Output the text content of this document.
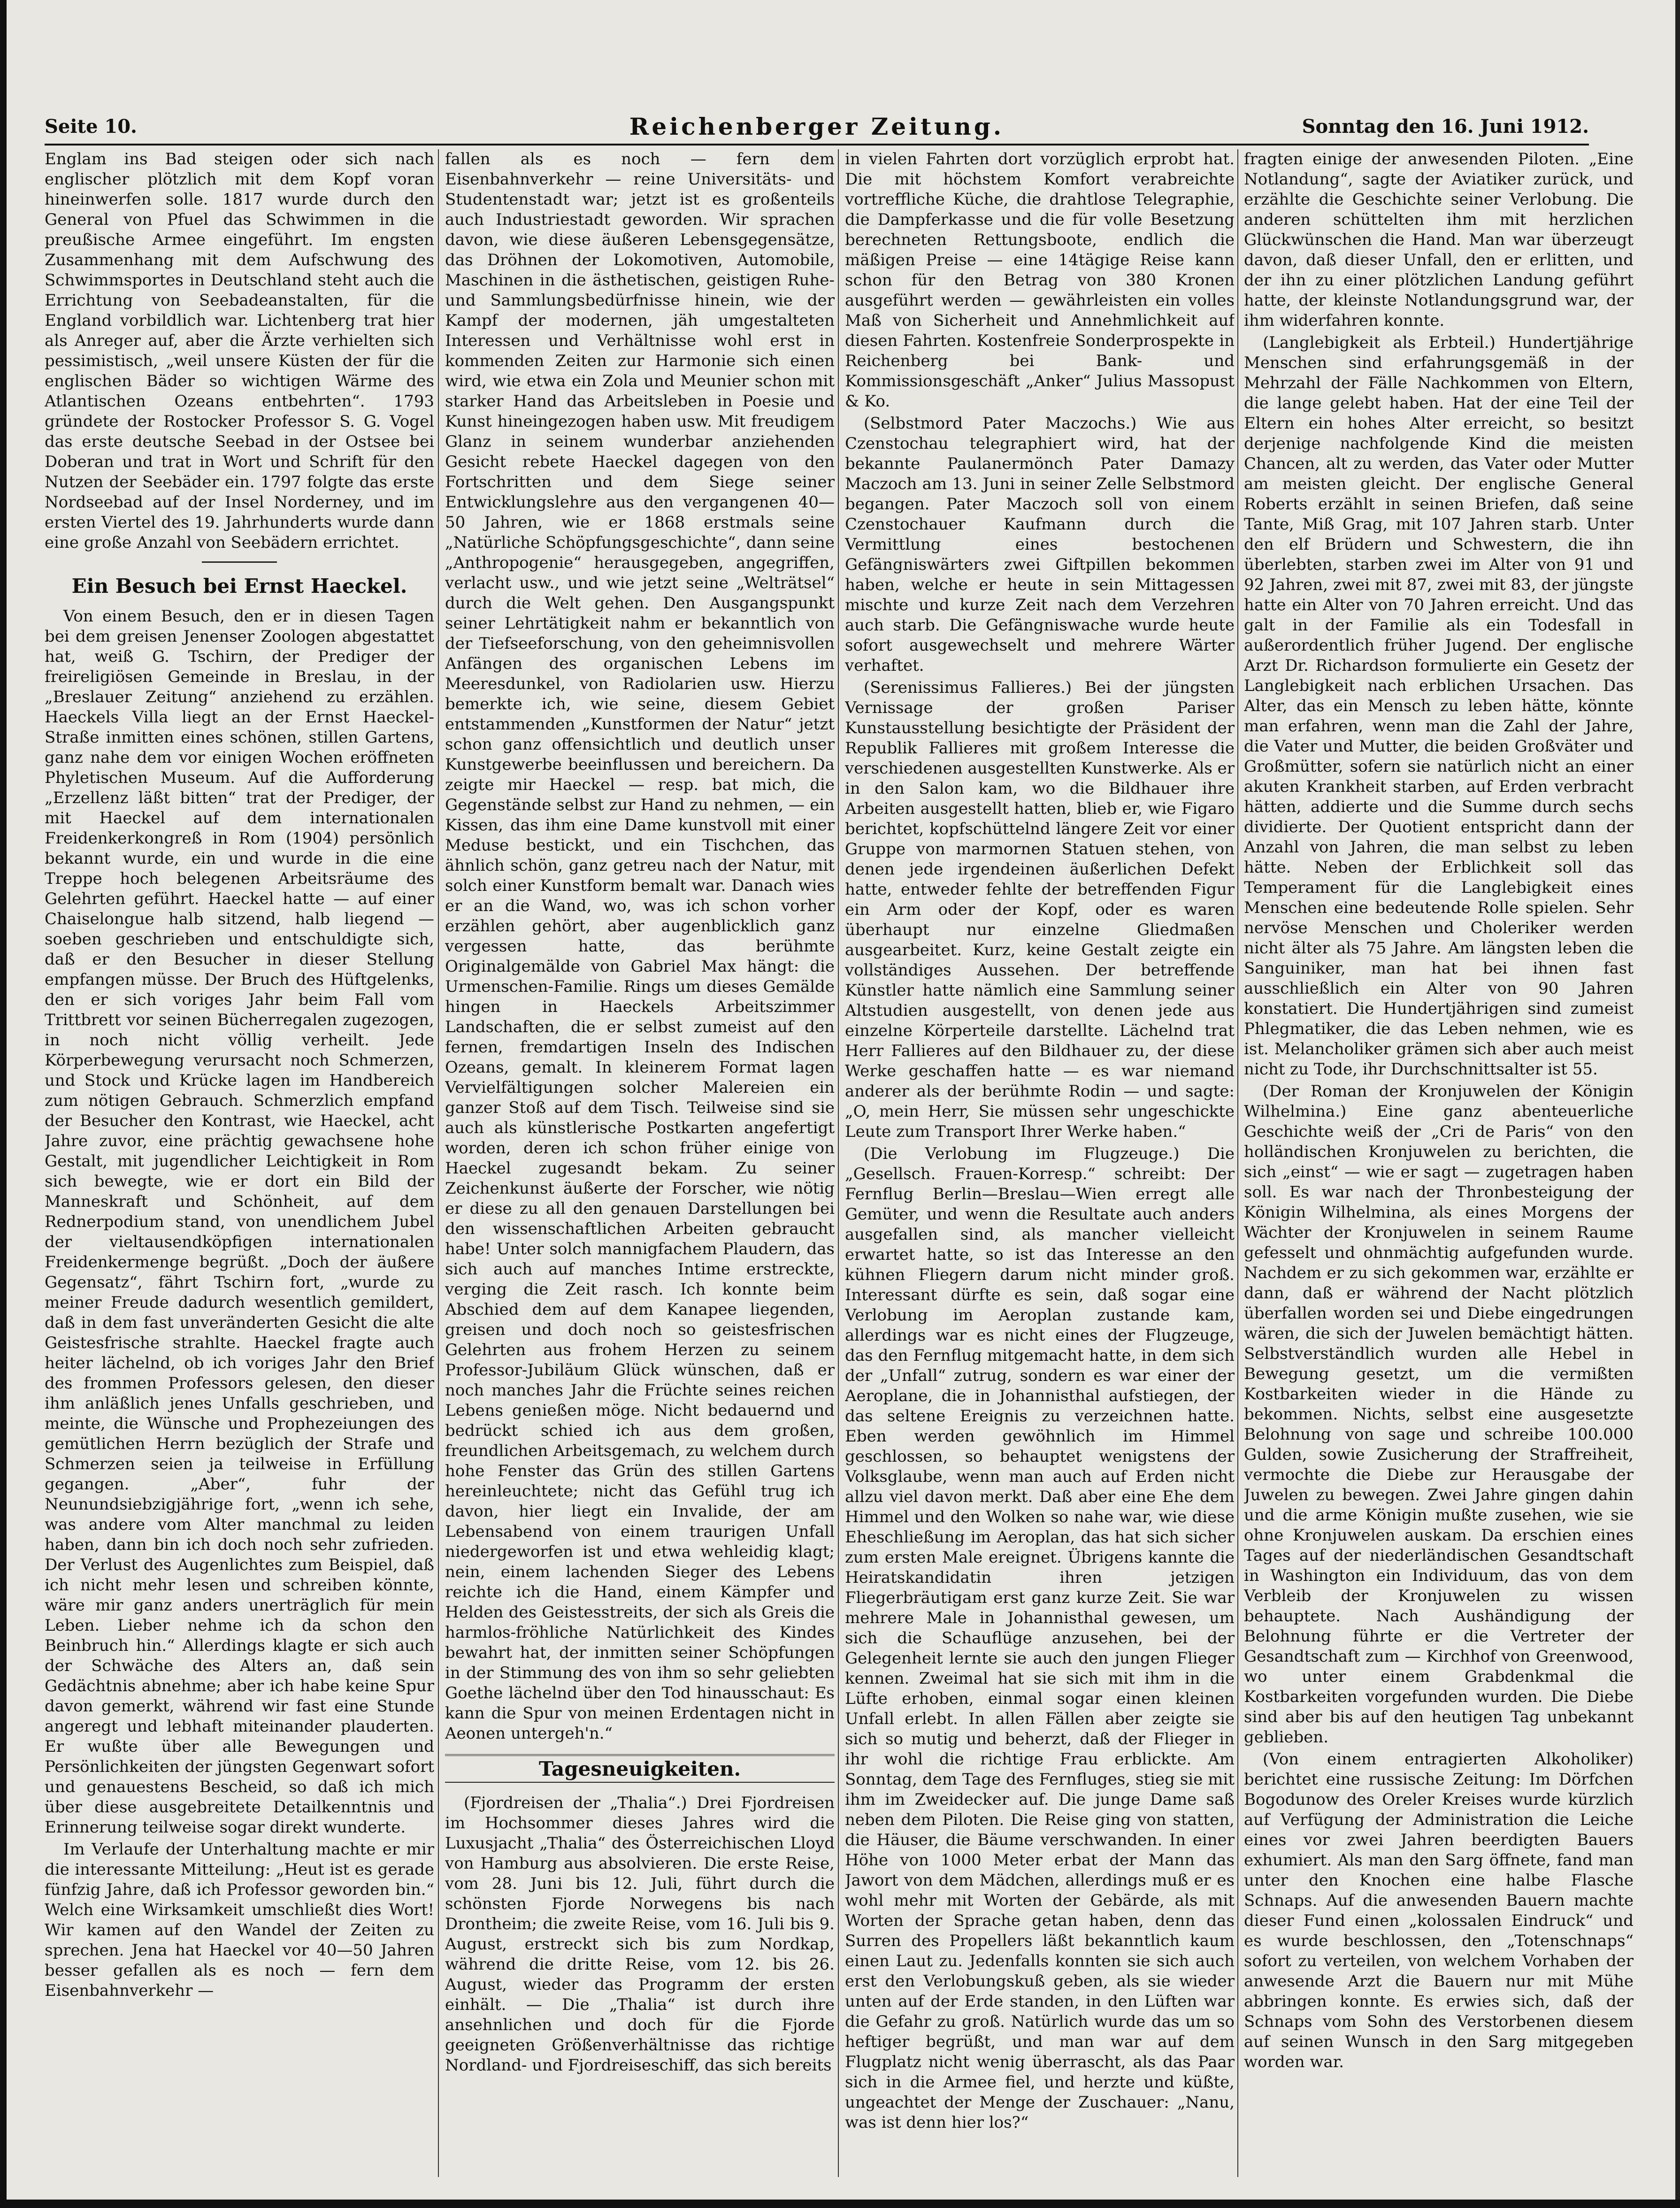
Seite 10.	Reichenberger Zeitung.	Sonntag den 16. Juni 1912.

Englam ins Bad steigen oder sich nach englischer plötzlich mit dem Kopf voran hineinwerfen solle. 1817 wurde durch den General von Pfuel das Schwimmen in die preußische Armee eingeführt. Im engsten Zusammenhang mit dem Aufschwung des Schwimmsportes in Deutschland steht auch die Errichtung von Seebadeanstalten, für die England vorbildlich war. Lichtenberg trat hier als Anreger auf, aber die Ärzte verhielten sich pessimistisch, „weil unsere Küsten der für die englischen Bäder so wichtigen Wärme des Atlantischen Ozeans entbehrten“. 1793 gründete der Rostocker Professor S. G. Vogel das erste deutsche Seebad in der Ostsee bei Doberan und trat in Wort und Schrift für den Nutzen der Seebäder ein. 1797 folgte das erste Nordseebad auf der Insel Norderney, und im ersten Viertel des 19. Jahrhunderts wurde dann eine große Anzahl von Seebädern errichtet.

Ein Besuch bei Ernst Haeckel.

Von einem Besuch, den er in diesen Tagen bei dem greisen Jenenser Zoologen abgestattet hat, weiß G. Tschirn, der Prediger der freireligiösen Gemeinde in Breslau, in der „Breslauer Zeitung“ anziehend zu erzählen. Haeckels Villa liegt an der Ernst Haeckel-Straße inmitten eines schönen, stillen Gartens, ganz nahe dem vor einigen Wochen eröffneten Phyletischen Museum. Auf die Aufforderung „Erzellenz läßt bitten“ trat der Prediger, der mit Haeckel auf dem internationalen Freidenkerkongreß in Rom (1904) persönlich bekannt wurde, ein und wurde in die eine Treppe hoch belegenen Arbeitsräume des Gelehrten geführt. Haeckel hatte — auf einer Chaiselongue halb sitzend, halb liegend — soeben geschrieben und entschuldigte sich, daß er den Besucher in dieser Stellung empfangen müsse. Der Bruch des Hüftgelenks, den er sich voriges Jahr beim Fall vom Trittbrett vor seinen Bücherregalen zugezogen, in noch nicht völlig verheilt. Jede Körperbewegung verursacht noch Schmerzen, und Stock und Krücke lagen im Handbereich zum nötigen Gebrauch. Schmerzlich empfand der Besucher den Kontrast, wie Haeckel, acht Jahre zuvor, eine prächtig gewachsene hohe Gestalt, mit jugendlicher Leichtigkeit in Rom sich bewegte, wie er dort ein Bild der Manneskraft und Schönheit, auf dem Rednerpodium stand, von unendlichem Jubel der vieltausendköpfigen internationalen Freidenkermenge begrüßt. „Doch der äußere Gegensatz“, fährt Tschirn fort, „wurde zu meiner Freude dadurch wesentlich gemildert, daß in dem fast unveränderten Gesicht die alte Geistesfrische strahlte. Haeckel fragte auch heiter lächelnd, ob ich voriges Jahr den Brief des frommen Professors gelesen, den dieser ihm anläßlich jenes Unfalls geschrieben, und meinte, die Wünsche und Prophezeiungen des gemütlichen Herrn bezüglich der Strafe und Schmerzen seien ja teilweise in Erfüllung gegangen. „Aber“, fuhr der Neunundsiebzigjährige fort, „wenn ich sehe, was andere vom Alter manchmal zu leiden haben, dann bin ich doch noch sehr zufrieden. Der Verlust des Augenlichtes zum Beispiel, daß ich nicht mehr lesen und schreiben könnte, wäre mir ganz anders unerträglich für mein Leben. Lieber nehme ich da schon den Beinbruch hin.“ Allerdings klagte er sich auch der Schwäche des Alters an, daß sein Gedächtnis abnehme; aber ich habe keine Spur davon gemerkt, während wir fast eine Stunde angeregt und lebhaft miteinander plauderten. Er wußte über alle Bewegungen und Persönlichkeiten der jüngsten Gegenwart sofort und genauestens Bescheid, so daß ich mich über diese ausgebreitete Detailkenntnis und Erinnerung teilweise sogar direkt wunderte.

Im Verlaufe der Unterhaltung machte er mir die interessante Mitteilung: „Heut ist es gerade fünfzig Jahre, daß ich Professor geworden bin.“ Welch eine Wirksamkeit umschließt dies Wort! Wir kamen auf den Wandel der Zeiten zu sprechen. Jena hat Haeckel vor 40—50 Jahren besser gefallen als es noch — fern dem Eisenbahnverkehr —

fallen als es noch — fern dem Eisenbahnverkehr — reine Universitäts- und Studentenstadt war; jetzt ist es großenteils auch Industriestadt geworden. Wir sprachen davon, wie diese äußeren Lebensgegensätze, das Dröhnen der Lokomotiven, Automobile, Maschinen in die ästhetischen, geistigen Ruhe- und Sammlungsbedürfnisse hinein, wie der Kampf der modernen, jäh umgestalteten Interessen und Verhältnisse wohl erst in kommenden Zeiten zur Harmonie sich einen wird, wie etwa ein Zola und Meunier schon mit starker Hand das Arbeitsleben in Poesie und Kunst hineingezogen haben usw. Mit freudigem Glanz in seinem wunderbar anziehenden Gesicht rebete Haeckel dagegen von den Fortschritten und dem Siege seiner Entwicklungslehre aus den vergangenen 40—50 Jahren, wie er 1868 erstmals seine „Natürliche Schöpfungsgeschichte“, dann seine „Anthropogenie“ herausgegeben, angegriffen, verlacht usw., und wie jetzt seine „Welträtsel“ durch die Welt gehen. Den Ausgangspunkt seiner Lehrtätigkeit nahm er bekanntlich von der Tiefseeforschung, von den geheimnisvollen Anfängen des organischen Lebens im Meeresdunkel, von Radiolarien usw. Hierzu bemerkte ich, wie seine, diesem Gebiet entstammenden „Kunstformen der Natur“ jetzt schon ganz offensichtlich und deutlich unser Kunstgewerbe beeinflussen und bereichern. Da zeigte mir Haeckel — resp. bat mich, die Gegenstände selbst zur Hand zu nehmen, — ein Kissen, das ihm eine Dame kunstvoll mit einer Meduse bestickt, und ein Tischchen, das ähnlich schön, ganz getreu nach der Natur, mit solch einer Kunstform bemalt war. Danach wies er an die Wand, wo, was ich schon vorher erzählen gehört, aber augenblicklich ganz vergessen hatte, das berühmte Originalgemälde von Gabriel Max hängt: die Urmenschen-Familie. Rings um dieses Gemälde hingen in Haeckels Arbeitszimmer Landschaften, die er selbst zumeist auf den fernen, fremdartigen Inseln des Indischen Ozeans, gemalt. In kleinerem Format lagen Vervielfältigungen solcher Malereien ein ganzer Stoß auf dem Tisch. Teilweise sind sie auch als künstlerische Postkarten angefertigt worden, deren ich schon früher einige von Haeckel zugesandt bekam. Zu seiner Zeichenkunst äußerte der Forscher, wie nötig er diese zu all den genauen Darstellungen bei den wissenschaftlichen Arbeiten gebraucht habe! Unter solch mannigfachem Plaudern, das sich auch auf manches Intime erstreckte, verging die Zeit rasch. Ich konnte beim Abschied dem auf dem Kanapee liegenden, greisen und doch noch so geistesfrischen Gelehrten aus frohem Herzen zu seinem Professor-Jubiläum Glück wünschen, daß er noch manches Jahr die Früchte seines reichen Lebens genießen möge. Nicht bedauernd und bedrückt schied ich aus dem großen, freundlichen Arbeitsgemach, zu welchem durch hohe Fenster das Grün des stillen Gartens hereinleuchtete; nicht das Gefühl trug ich davon, hier liegt ein Invalide, der am Lebensabend von einem traurigen Unfall niedergeworfen ist und etwa wehleidig klagt; nein, einem lachenden Sieger des Lebens reichte ich die Hand, einem Kämpfer und Helden des Geistesstreits, der sich als Greis die harmlos-fröhliche Natürlichkeit des Kindes bewahrt hat, der inmitten seiner Schöpfungen in der Stimmung des von ihm so sehr geliebten Goethe lächelnd über den Tod hinausschaut: Es kann die Spur von meinen Erdentagen nicht in Aeonen untergeh'n.“

Tagesneuigkeiten.

(Fjordreisen der „Thalia“.) Drei Fjordreisen im Hochsommer dieses Jahres wird die Luxusjacht „Thalia“ des Österreichischen Lloyd von Hamburg aus absolvieren. Die erste Reise, vom 28. Juni bis 12. Juli, führt durch die schönsten Fjorde Norwegens bis nach Drontheim; die zweite Reise, vom 16. Juli bis 9. August, erstreckt sich bis zum Nordkap, während die dritte Reise, vom 12. bis 26. August, wieder das Programm der ersten einhält. — Die „Thalia“ ist durch ihre ansehnlichen und doch für die Fjorde geeigneten Größenverhältnisse das richtige Nordland- und Fjordreiseschiff, das sich bereits

in vielen Fahrten dort vorzüglich erprobt hat. Die mit höchstem Komfort verabreichte vortreffliche Küche, die drahtlose Telegraphie, die Dampferkasse und die für volle Besetzung berechneten Rettungsboote, endlich die mäßigen Preise — eine 14tägige Reise kann schon für den Betrag von 380 Kronen ausgeführt werden — gewährleisten ein volles Maß von Sicherheit und Annehmlichkeit auf diesen Fahrten. Kostenfreie Sonderprospekte in Reichenberg bei Bank- und Kommissionsgeschäft „Anker“ Julius Massopust & Ko.

(Selbstmord Pater Maczochs.) Wie aus Czenstochau telegraphiert wird, hat der bekannte Paulanermönch Pater Damazy Maczoch am 13. Juni in seiner Zelle Selbstmord begangen. Pater Maczoch soll von einem Czenstochauer Kaufmann durch die Vermittlung eines bestochenen Gefängniswärters zwei Giftpillen bekommen haben, welche er heute in sein Mittagessen mischte und kurze Zeit nach dem Verzehren auch starb. Die Gefängniswache wurde heute sofort ausgewechselt und mehrere Wärter verhaftet.

(Serenissimus Fallieres.) Bei der jüngsten Vernissage der großen Pariser Kunstausstellung besichtigte der Präsident der Republik Fallieres mit großem Interesse die verschiedenen ausgestellten Kunstwerke. Als er in den Salon kam, wo die Bildhauer ihre Arbeiten ausgestellt hatten, blieb er, wie Figaro berichtet, kopfschüttelnd längere Zeit vor einer Gruppe von marmornen Statuen stehen, von denen jede irgendeinen äußerlichen Defekt hatte, entweder fehlte der betreffenden Figur ein Arm oder der Kopf, oder es waren überhaupt nur einzelne Gliedmaßen ausgearbeitet. Kurz, keine Gestalt zeigte ein vollständiges Aussehen. Der betreffende Künstler hatte nämlich eine Sammlung seiner Altstudien ausgestellt, von denen jede aus einzelne Körperteile darstellte. Lächelnd trat Herr Fallieres auf den Bildhauer zu, der diese Werke geschaffen hatte — es war niemand anderer als der berühmte Rodin — und sagte: „O, mein Herr, Sie müssen sehr ungeschickte Leute zum Transport Ihrer Werke haben.“

(Die Verlobung im Flugzeuge.) Die „Gesellsch. Frauen-Korresp.“ schreibt: Der Fernflug Berlin—Breslau—Wien erregt alle Gemüter, und wenn die Resultate auch anders ausgefallen sind, als mancher vielleicht erwartet hatte, so ist das Interesse an den kühnen Fliegern darum nicht minder groß. Interessant dürfte es sein, daß sogar eine Verlobung im Aeroplan zustande kam, allerdings war es nicht eines der Flugzeuge, das den Fernflug mitgemacht hatte, in dem sich der „Unfall“ zutrug, sondern es war einer der Aeroplane, die in Johannisthal aufstiegen, der das seltene Ereignis zu verzeichnen hatte. Eben werden gewöhnlich im Himmel geschlossen, so behauptet wenigstens der Volksglaube, wenn man auch auf Erden nicht allzu viel davon merkt. Daß aber eine Ehe dem Himmel und den Wolken so nahe war, wie diese Eheschließung im Aeroplan, das hat sich sicher zum ersten Male ereignet. Übrigens kannte die Heiratskandidatin ihren jetzigen Fliegerbräutigam erst ganz kurze Zeit. Sie war mehrere Male in Johannisthal gewesen, um sich die Schauflüge anzusehen, bei der Gelegenheit lernte sie auch den jungen Flieger kennen. Zweimal hat sie sich mit ihm in die Lüfte erhoben, einmal sogar einen kleinen Unfall erlebt. In allen Fällen aber zeigte sie sich so mutig und beherzt, daß der Flieger in ihr wohl die richtige Frau erblickte. Am Sonntag, dem Tage des Fernfluges, stieg sie mit ihm im Zweidecker auf. Die junge Dame saß neben dem Piloten. Die Reise ging von statten, die Häuser, die Bäume verschwanden. In einer Höhe von 1000 Meter erbat der Mann das Jawort von dem Mädchen, allerdings muß er es wohl mehr mit Worten der Gebärde, als mit Worten der Sprache getan haben, denn das Surren des Propellers läßt bekanntlich kaum einen Laut zu. Jedenfalls konnten sie sich auch erst den Verlobungskuß geben, als sie wieder unten auf der Erde standen, in den Lüften war die Gefahr zu groß. Natürlich wurde das um so heftiger begrüßt, und man war auf dem Flugplatz nicht wenig überrascht, als das Paar sich in die Armee fiel, und herzte und küßte, ungeachtet der Menge der Zuschauer: „Nanu, was ist denn hier los?“

fragten einige der anwesenden Piloten. „Eine Notlandung“, sagte der Aviatiker zurück, und erzählte die Geschichte seiner Verlobung. Die anderen schüttelten ihm mit herzlichen Glückwünschen die Hand. Man war überzeugt davon, daß dieser Unfall, den er erlitten, und der ihn zu einer plötzlichen Landung geführt hatte, der kleinste Notlandungsgrund war, der ihm widerfahren konnte.

(Langlebigkeit als Erbteil.) Hundertjährige Menschen sind erfahrungsgemäß in der Mehrzahl der Fälle Nachkommen von Eltern, die lange gelebt haben. Hat der eine Teil der Eltern ein hohes Alter erreicht, so besitzt derjenige nachfolgende Kind die meisten Chancen, alt zu werden, das Vater oder Mutter am meisten gleicht. Der englische General Roberts erzählt in seinen Briefen, daß seine Tante, Miß Grag, mit 107 Jahren starb. Unter den elf Brüdern und Schwestern, die ihn überlebten, starben zwei im Alter von 91 und 92 Jahren, zwei mit 87, zwei mit 83, der jüngste hatte ein Alter von 70 Jahren erreicht. Und das galt in der Familie als ein Todesfall in außerordentlich früher Jugend. Der englische Arzt Dr. Richardson formulierte ein Gesetz der Langlebigkeit nach erblichen Ursachen. Das Alter, das ein Mensch zu leben hätte, könnte man erfahren, wenn man die Zahl der Jahre, die Vater und Mutter, die beiden Großväter und Großmütter, sofern sie natürlich nicht an einer akuten Krankheit starben, auf Erden verbracht hätten, addierte und die Summe durch sechs dividierte. Der Quotient entspricht dann der Anzahl von Jahren, die man selbst zu leben hätte. Neben der Erblichkeit soll das Temperament für die Langlebigkeit eines Menschen eine bedeutende Rolle spielen. Sehr nervöse Menschen und Choleriker werden nicht älter als 75 Jahre. Am längsten leben die Sanguiniker, man hat bei ihnen fast ausschließlich ein Alter von 90 Jahren konstatiert. Die Hundertjährigen sind zumeist Phlegmatiker, die das Leben nehmen, wie es ist. Melancholiker grämen sich aber auch meist nicht zu Tode, ihr Durchschnittsalter ist 55.

(Der Roman der Kronjuwelen der Königin Wilhelmina.) Eine ganz abenteuerliche Geschichte weiß der „Cri de Paris“ von den holländischen Kronjuwelen zu berichten, die sich „einst“ — wie er sagt — zugetragen haben soll. Es war nach der Thronbesteigung der Königin Wilhelmina, als eines Morgens der Wächter der Kronjuwelen in seinem Raume gefesselt und ohnmächtig aufgefunden wurde. Nachdem er zu sich gekommen war, erzählte er dann, daß er während der Nacht plötzlich überfallen worden sei und Diebe eingedrungen wären, die sich der Juwelen bemächtigt hätten. Selbstverständlich wurden alle Hebel in Bewegung gesetzt, um die vermißten Kostbarkeiten wieder in die Hände zu bekommen. Nichts, selbst eine ausgesetzte Belohnung von sage und schreibe 100.000 Gulden, sowie Zusicherung der Straffreiheit, vermochte die Diebe zur Herausgabe der Juwelen zu bewegen. Zwei Jahre gingen dahin und die arme Königin mußte zusehen, wie sie ohne Kronjuwelen auskam. Da erschien eines Tages auf der niederländischen Gesandtschaft in Washington ein Individuum, das von dem Verbleib der Kronjuwelen zu wissen behauptete. Nach Aushändigung der Belohnung führte er die Vertreter der Gesandtschaft zum — Kirchhof von Greenwood, wo unter einem Grabdenkmal die Kostbarkeiten vorgefunden wurden. Die Diebe sind aber bis auf den heutigen Tag unbekannt geblieben.

(Von einem entragierten Alkoholiker) berichtet eine russische Zeitung: Im Dörfchen Bogodunow des Oreler Kreises wurde kürzlich auf Verfügung der Administration die Leiche eines vor zwei Jahren beerdigten Bauers exhumiert. Als man den Sarg öffnete, fand man unter den Knochen eine halbe Flasche Schnaps. Auf die anwesenden Bauern machte dieser Fund einen „kolossalen Eindruck“ und es wurde beschlossen, den „Totenschnaps“ sofort zu verteilen, von welchem Vorhaben der anwesende Arzt die Bauern nur mit Mühe abbringen konnte. Es erwies sich, daß der Schnaps vom Sohn des Verstorbenen diesem auf seinen Wunsch in den Sarg mitgegeben worden war.
